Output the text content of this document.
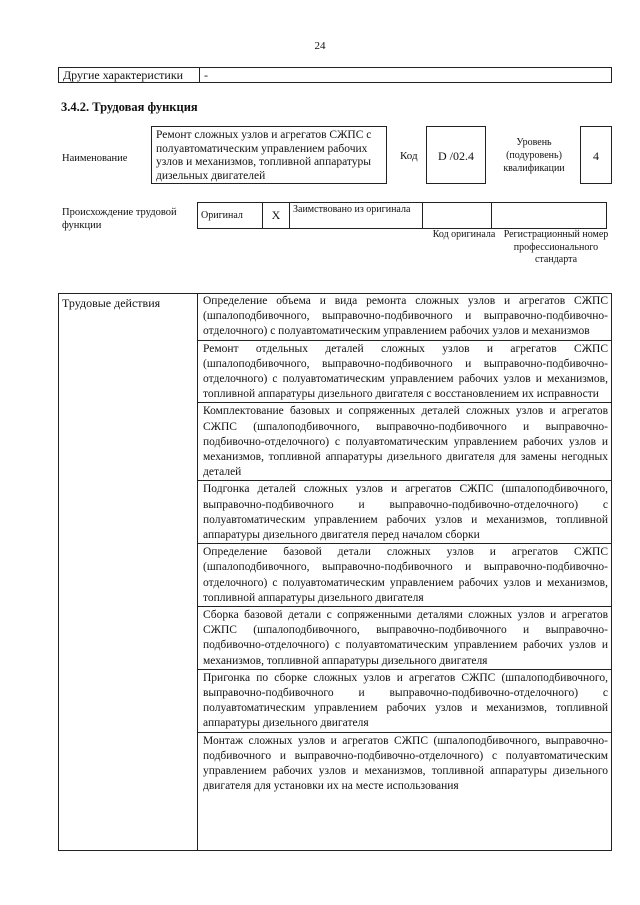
24
Другие характеристики	-
3.4.2. Трудовая функция
Наименование
Ремонт сложных узлов и агрегатов СЖПС с полуавтоматическим управлением рабочих узлов и механизмов, топливной аппаратуры дизельных двигателей
Код	D /02.4
Уровень (подуровень) квалификации
4
Происхождение трудовой функции
Оригинал	X	Заимствовано из оригинала		
Код оригинала Регистрационный номер профессионального стандарта
Трудовые действия	Определение объема и вида ремонта сложных узлов и агрегатов СЖПС (шпалоподбивочного, выправочно-подбивочного и выправочно-подбивочно-отделочного) с полуавтоматическим управлением рабочих узлов и механизмов
Ремонт отдельных деталей сложных узлов и агрегатов СЖПС (шпалоподбивочного, выправочно-подбивочного и выправочно-подбивочно-отделочного) с полуавтоматическим управлением рабочих узлов и механизмов, топливной аппаратуры дизельного двигателя с восстановлением их исправности
Комплектование базовых и сопряженных деталей сложных узлов и агрегатов СЖПС (шпалоподбивочного, выправочно-подбивочного и выправочно-подбивочно-отделочного) с полуавтоматическим управлением рабочих узлов и механизмов, топливной аппаратуры дизельного двигателя для замены негодных деталей
Подгонка деталей сложных узлов и агрегатов СЖПС (шпалоподбивочного, выправочно-подбивочного и выправочно-подбивочно-отделочного) с полуавтоматическим управлением рабочих узлов и механизмов, топливной аппаратуры дизельного двигателя перед началом сборки
Определение базовой детали сложных узлов и агрегатов СЖПС (шпалоподбивочного, выправочно-подбивочного и выправочно-подбивочно-отделочного) с полуавтоматическим управлением рабочих узлов и механизмов, топливной аппаратуры дизельного двигателя
Сборка базовой детали с сопряженными деталями сложных узлов и агрегатов СЖПС (шпалоподбивочного, выправочно-подбивочного и выправочно-подбивочно-отделочного) с полуавтоматическим управлением рабочих узлов и механизмов, топливной аппаратуры дизельного двигателя
Пригонка по сборке сложных узлов и агрегатов СЖПС (шпалоподбивочного, выправочно-подбивочного и выправочно-подбивочно-отделочного) с полуавтоматическим управлением рабочих узлов и механизмов, топливной аппаратуры дизельного двигателя
Монтаж сложных узлов и агрегатов СЖПС (шпалоподбивочного, выправочно-подбивочного и выправочно-подбивочно-отделочного) с полуавтоматическим управлением рабочих узлов и механизмов, топливной аппаратуры дизельного двигателя для установки их на месте использования
